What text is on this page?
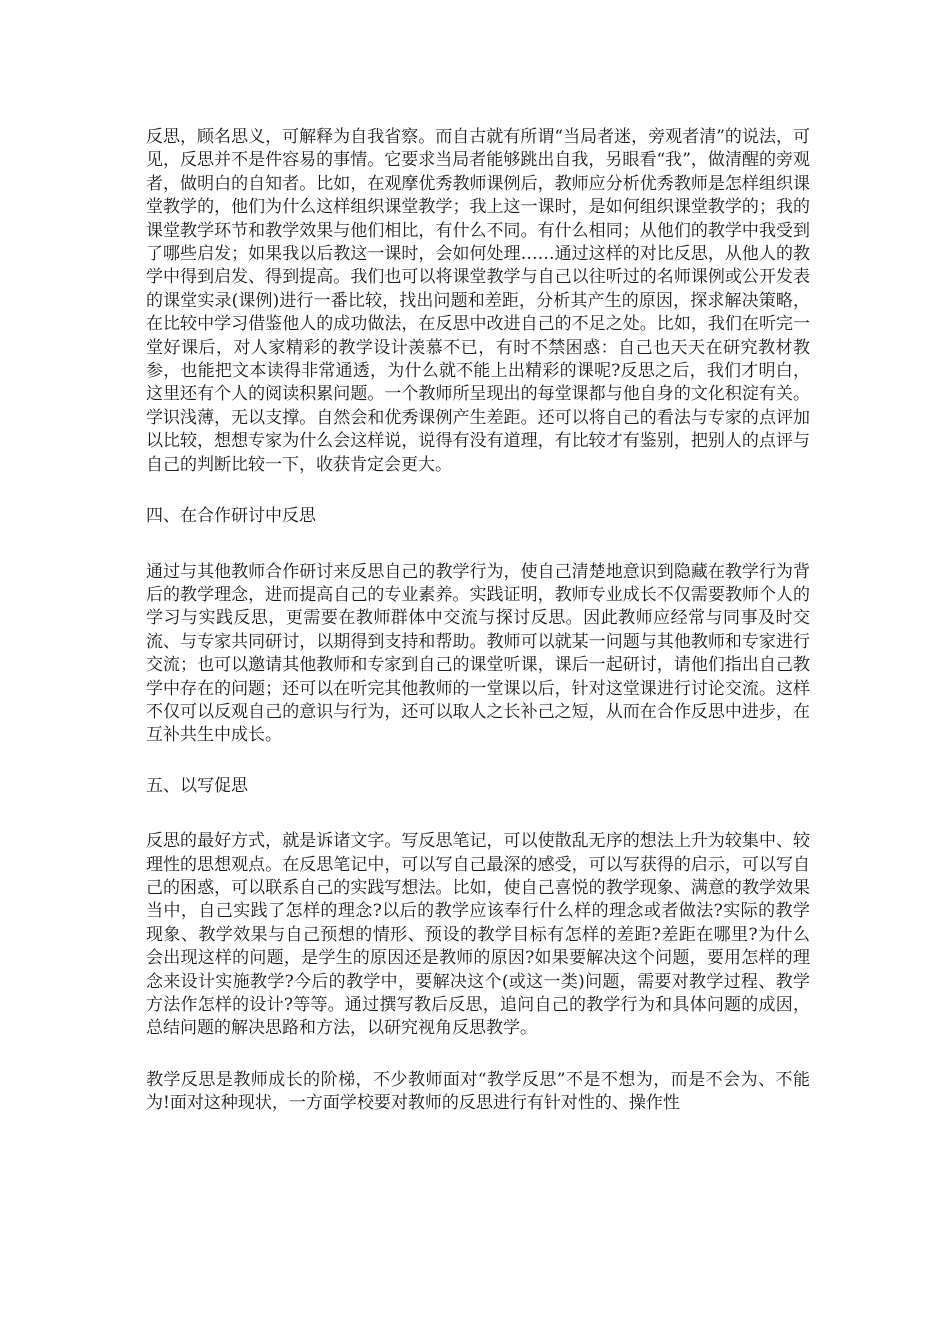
反思，顾名思义，可解释为自我省察。而自古就有所谓“当局者迷，旁观者清”的说法，可见，反思并不是件容易的事情。它要求当局者能够跳出自我，另眼看“我”，做清醒的旁观者，做明白的自知者。比如，在观摩优秀教师课例后，教师应分析优秀教师是怎样组织课堂教学的，他们为什么这样组织课堂教学；我上这一课时，是如何组织课堂教学的；我的课堂教学环节和教学效果与他们相比，有什么不同。有什么相同；从他们的教学中我受到了哪些启发；如果我以后教这一课时，会如何处理……通过这样的对比反思，从他人的教学中得到启发、得到提高。我们也可以将课堂教学与自己以往听过的名师课例或公开发表的课堂实录(课例)进行一番比较，找出问题和差距，分析其产生的原因，探求解决策略，在比较中学习借鉴他人的成功做法，在反思中改进自己的不足之处。比如，我们在听完一堂好课后，对人家精彩的教学设计羡慕不已，有时不禁困惑：自己也天天在研究教材教参，也能把文本读得非常通透，为什么就不能上出精彩的课呢?反思之后，我们才明白，这里还有个人的阅读积累问题。一个教师所呈现出的每堂课都与他自身的文化积淀有关。学识浅薄，无以支撑。自然会和优秀课例产生差距。还可以将自己的看法与专家的点评加以比较，想想专家为什么会这样说，说得有没有道理，有比较才有鉴别，把别人的点评与自己的判断比较一下，收获肯定会更大。

四、在合作研讨中反思

通过与其他教师合作研讨来反思自己的教学行为，使自己清楚地意识到隐藏在教学行为背后的教学理念，进而提高自己的专业素养。实践证明，教师专业成长不仅需要教师个人的学习与实践反思，更需要在教师群体中交流与探讨反思。因此教师应经常与同事及时交流、与专家共同研讨，以期得到支持和帮助。教师可以就某一问题与其他教师和专家进行交流；也可以邀请其他教师和专家到自己的课堂听课，课后一起研讨，请他们指出自己教学中存在的问题；还可以在听完其他教师的一堂课以后，针对这堂课进行讨论交流。这样不仅可以反观自己的意识与行为，还可以取人之长补己之短，从而在合作反思中进步，在互补共生中成长。

五、以写促思

反思的最好方式，就是诉诸文字。写反思笔记，可以使散乱无序的想法上升为较集中、较理性的思想观点。在反思笔记中，可以写自己最深的感受，可以写获得的启示，可以写自己的困惑，可以联系自己的实践写想法。比如，使自己喜悦的教学现象、满意的教学效果当中，自己实践了怎样的理念?以后的教学应该奉行什么样的理念或者做法?实际的教学现象、教学效果与自己预想的情形、预设的教学目标有怎样的差距?差距在哪里?为什么会出现这样的问题，是学生的原因还是教师的原因?如果要解决这个问题，要用怎样的理念来设计实施教学?今后的教学中，要解决这个(或这一类)问题，需要对教学过程、教学方法作怎样的设计?等等。通过撰写教后反思，追问自己的教学行为和具体问题的成因，总结问题的解决思路和方法，以研究视角反思教学。

教学反思是教师成长的阶梯，不少教师面对“教学反思”不是不想为，而是不会为、不能为!面对这种现状，一方面学校要对教师的反思进行有针对性的、操作性
